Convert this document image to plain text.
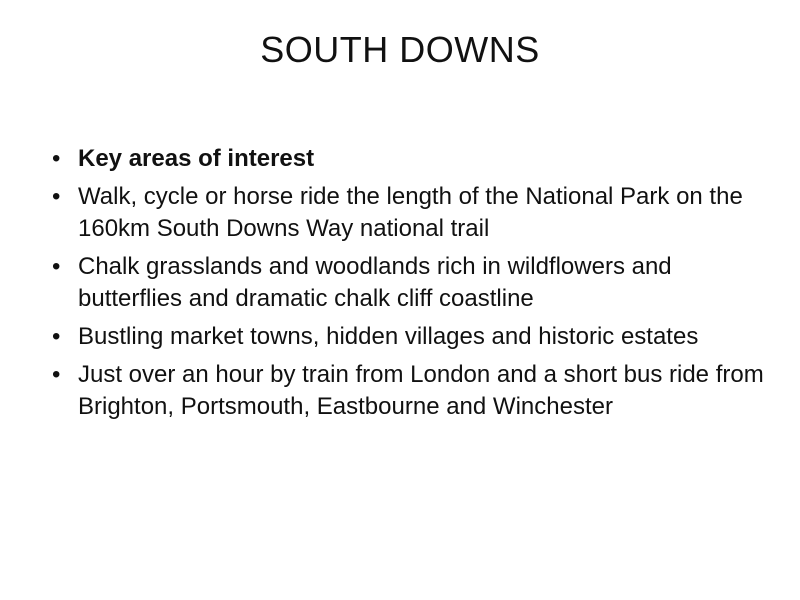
SOUTH DOWNS
• Key areas of interest
• Walk, cycle or horse ride the length of the National Park on the 160km South Downs Way national trail
• Chalk grasslands and woodlands rich in wildflowers and butterflies and dramatic chalk cliff coastline
• Bustling market towns, hidden villages and historic estates
• Just over an hour by train from London and a short bus ride from Brighton, Portsmouth, Eastbourne and Winchester
